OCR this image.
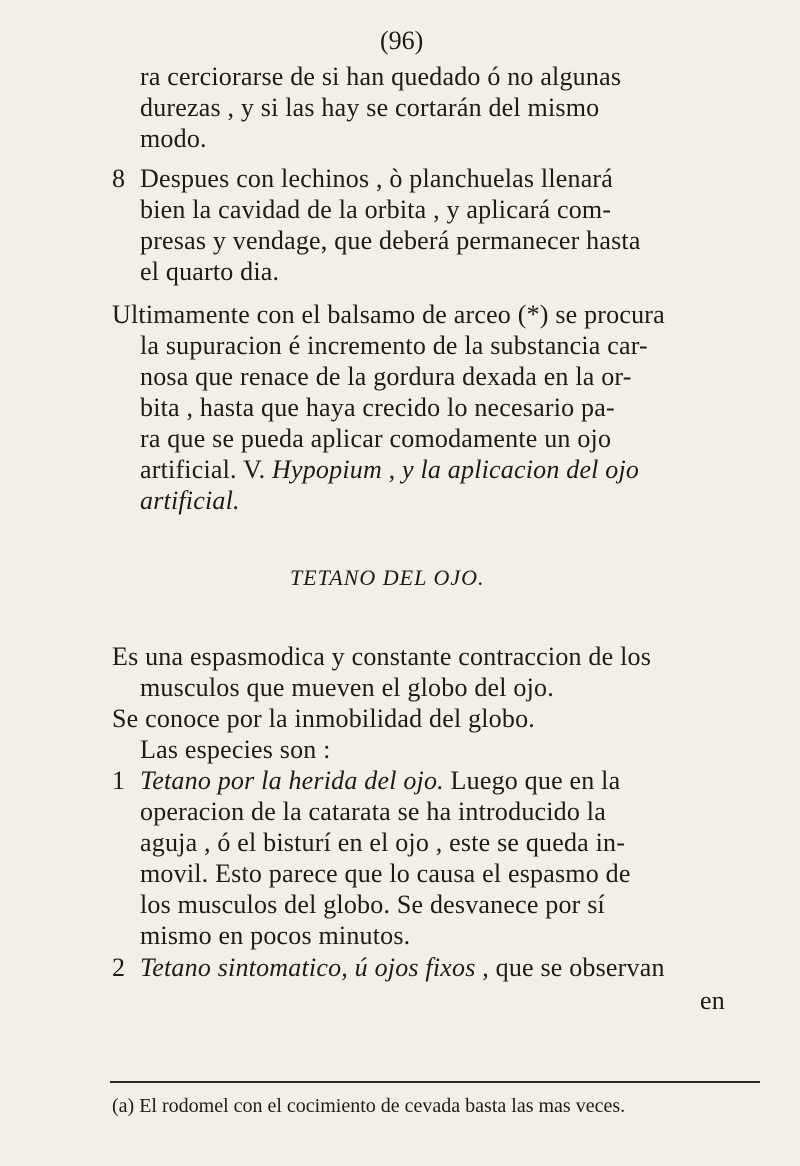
(96)
ra cerciorarse de si han quedado ó no algunas
durezas , y si las hay se cortarán del mismo
modo.
8 Despues con lechinos , ò planchuelas llenará
bien la cavidad de la orbita , y aplicará com-
presas y vendage, que deberá permanecer hasta
el quarto dia.
Ultimamente con el balsamo de arceo (*) se procura
la supuracion é incremento de la substancia car-
nosa que renace de la gordura dexada en la or-
bita , hasta que haya crecido lo necesario pa-
ra que se pueda aplicar comodamente un ojo
artificial. V. Hypopium , y la aplicacion del ojo
artificial.
TETANO DEL OJO.
Es una espasmodica y constante contraccion de los
musculos que mueven el globo del ojo.
Se conoce por la inmobilidad del globo.
Las especies son :
1 Tetano por la herida del ojo. Luego que en la
operacion de la catarata se ha introducido la
aguja , ó el bisturí en el ojo , este se queda in-
movil. Esto parece que lo causa el espasmo de
los musculos del globo. Se desvanece por sí
mismo en pocos minutos.
2 Tetano sintomatico, ú ojos fixos , que se observan
en
(a) El rodomel con el cocimiento de cevada basta las mas veces.
